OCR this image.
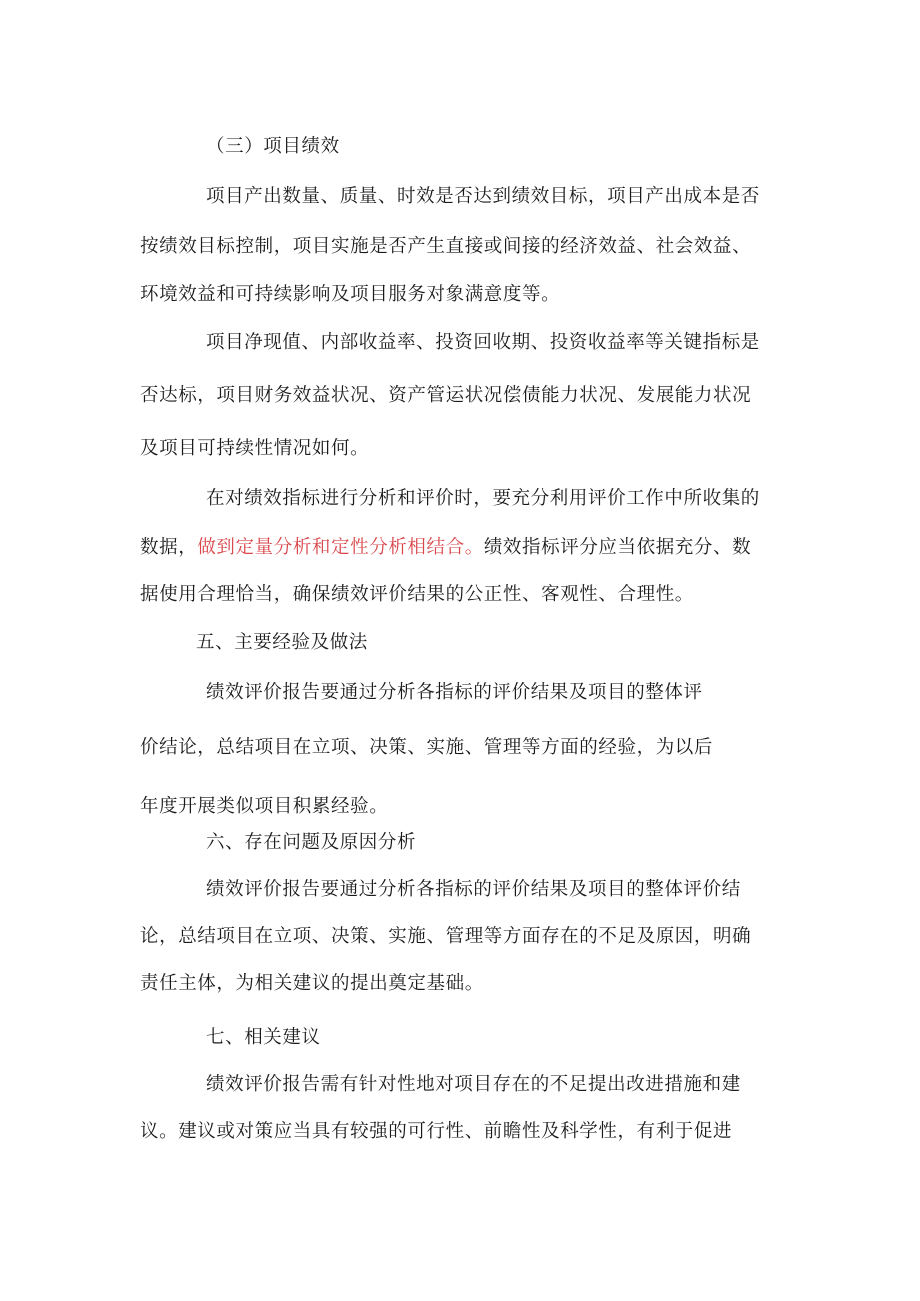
（三）项目绩效

项目产出数量、质量、时效是否达到绩效目标，项目产出成本是否

按绩效目标控制，项目实施是否产生直接或间接的经济效益、社会效益、

环境效益和可持续影响及项目服务对象满意度等。

项目净现值、内部收益率、投资回收期、投资收益率等关键指标是

否达标，项目财务效益状况、资产管运状况偿债能力状况、发展能力状况

及项目可持续性情况如何。

在对绩效指标进行分析和评价时，要充分利用评价工作中所收集的

数据，做到定量分析和定性分析相结合。绩效指标评分应当依据充分、数

据使用合理恰当，确保绩效评价结果的公正性、客观性、合理性。

五、主要经验及做法

绩效评价报告要通过分析各指标的评价结果及项目的整体评

价结论，总结项目在立项、决策、实施、管理等方面的经验，为以后

年度开展类似项目积累经验。

六、存在问题及原因分析

绩效评价报告要通过分析各指标的评价结果及项目的整体评价结

论，总结项目在立项、决策、实施、管理等方面存在的不足及原因，明确

责任主体，为相关建议的提出奠定基础。

七、相关建议

绩效评价报告需有针对性地对项目存在的不足提出改进措施和建

议。建议或对策应当具有较强的可行性、前瞻性及科学性，有利于促进
